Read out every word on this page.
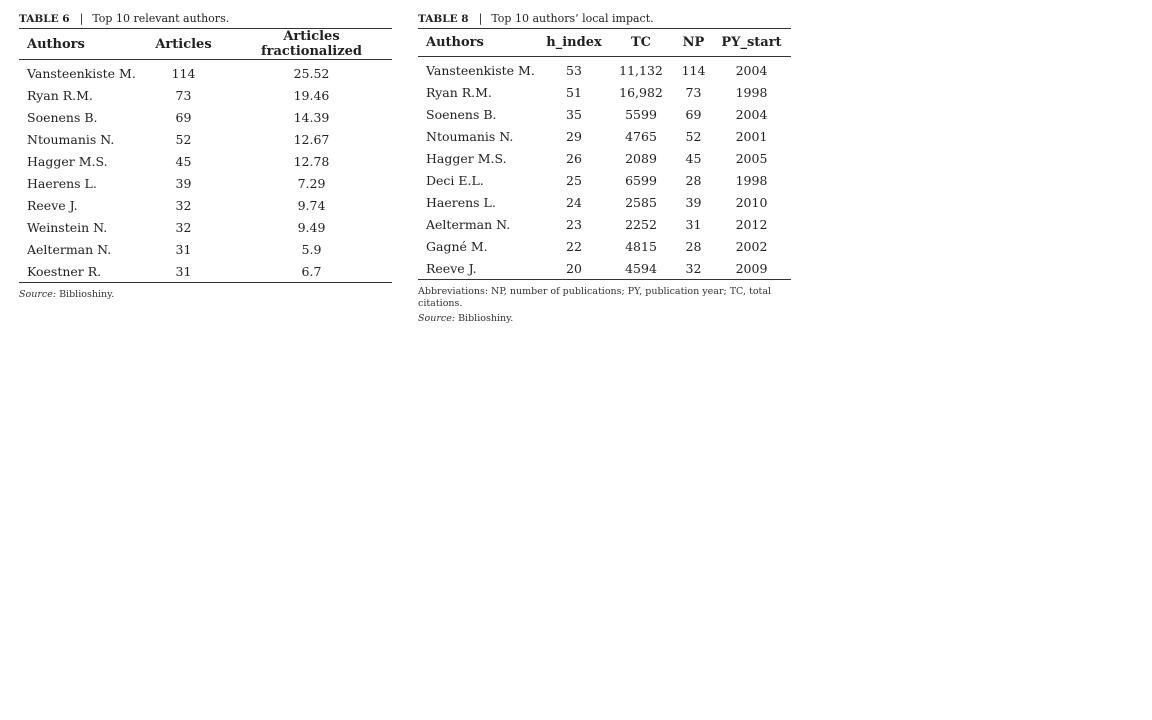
TABLE 6 | Top 10 relevant authors.
Authors	Articles	Articles fractionalized
Vansteenkiste M.	114	25.52
Ryan R.M.	73	19.46
Soenens B.	69	14.39
Ntoumanis N.	52	12.67
Hagger M.S.	45	12.78
Haerens L.	39	7.29
Reeve J.	32	9.74
Weinstein N.	32	9.49
Aelterman N.	31	5.9
Koestner R.	31	6.7
Source: Biblioshiny.
TABLE 8 | Top 10 authors’ local impact.
Authors	h_index	TC	NP	PY_start
Vansteenkiste M.	53	11,132	114	2004
Ryan R.M.	51	16,982	73	1998
Soenens B.	35	5599	69	2004
Ntoumanis N.	29	4765	52	2001
Hagger M.S.	26	2089	45	2005
Deci E.L.	25	6599	28	1998
Haerens L.	24	2585	39	2010
Aelterman N.	23	2252	31	2012
Gagné M.	22	4815	28	2002
Reeve J.	20	4594	32	2009
Abbreviations: NP, number of publications; PY, publication year; TC, total citations.
Source: Biblioshiny.
